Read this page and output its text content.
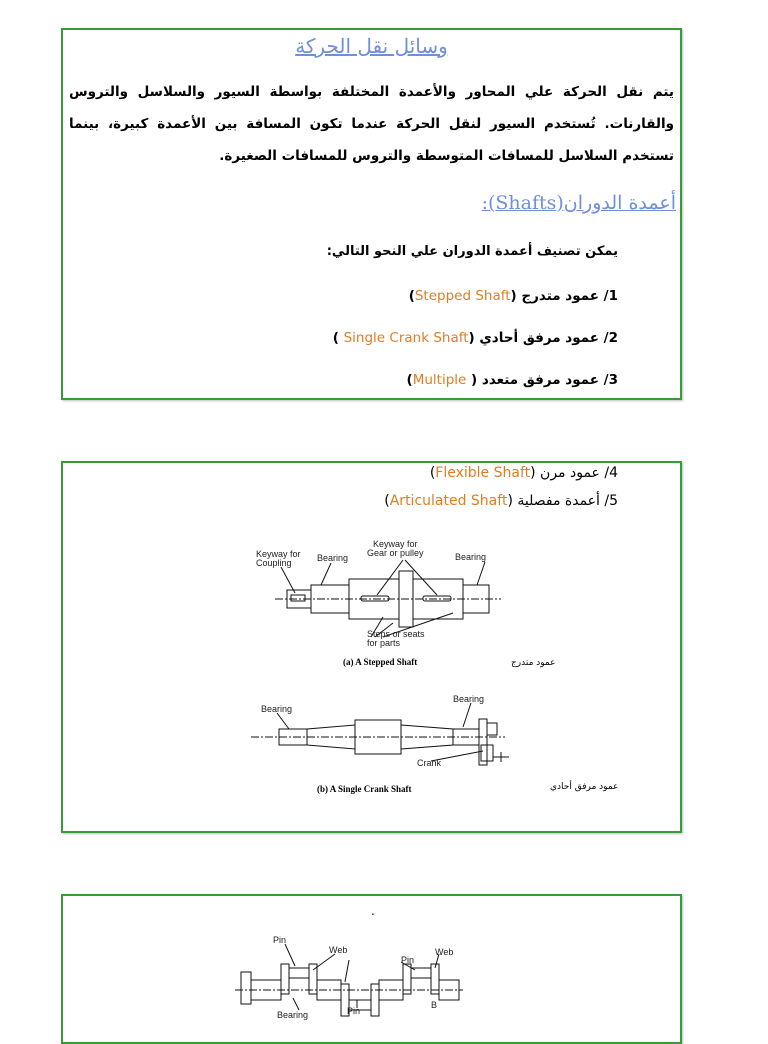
وسائل نقل الحركة
يتم نقل الحركة علي المحاور والأعمدة المختلفة بواسطة السيور والسلاسل والتروس والقارنات. تُستخدم السيور لنقل الحركة عندما تكون المسافة بين الأعمدة كبيرة، بينما تستخدم السلاسل للمسافات المتوسطة والتروس للمسافات الصغيرة.
أعمدة الدوران(Shafts):
يمكن تصنيف أعمدة الدوران علي النحو التالي:
1/ عمود متدرج (Stepped Shaft)
2/ عمود مرفق أحادي (Single Crank Shaft )
3/ عمود مرفق متعدد ( Multiple)
4/ عمود مرن (Flexible Shaft)
5/ أعمدة مفصلية (Articulated Shaft)
Keyway for
Coupling	Bearing
Keyway for
Gear or pulley	Bearing
Steps or seats
for parts
(a) A Stepped Shaft	عمود متدرج
Bearing
Bearing
Crank
(b) A Single Crank Shaft	عمود مرفق أحادي
.
Pin
Web
Pin
Web
B
Bearing	Pin
